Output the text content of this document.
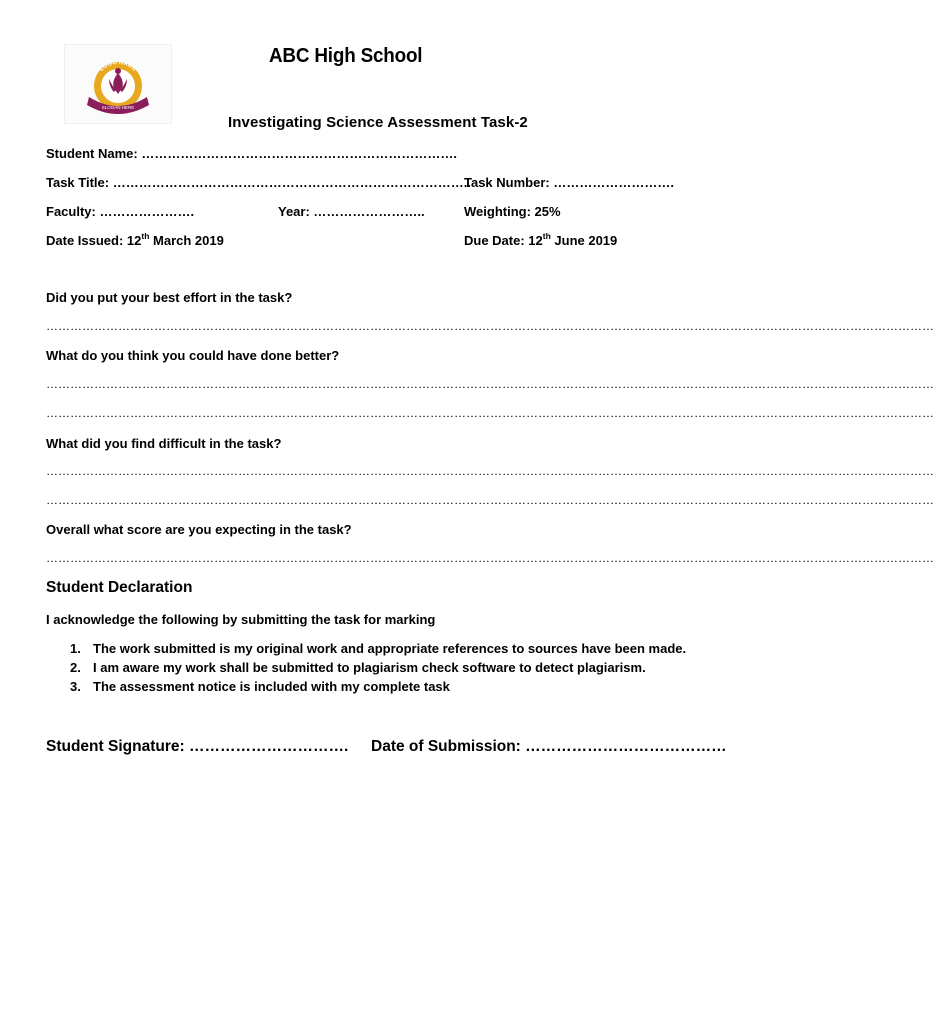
LOGO NAME
SLOGAN HERE
ABC High School
Investigating Science Assessment Task-2
Student Name: ……………………………………………………………….
Task Title: ………………………………………………………………………..
Task Number: ……………………….
Faculty: ………………….	Year: ……………………..	Weighting: 25%
Date Issued: 12th March 2019	Due Date: 12th June 2019
Did you put your best effort in the task?
……………………………………………………………………………………………………………………………………………………………………………………………………
What do you think you could have done better?
……………………………………………………………………………………………………………………………………………………………………………………………………
……………………………………………………………………………………………………………………………………………………………………………………………………
What did you find difficult in the task?
……………………………………………………………………………………………………………………………………………………………………………………………………
……………………………………………………………………………………………………………………………………………………………………………………………………
Overall what score are you expecting in the task?
……………………………………………………………………………………………………………………………………………………………………………………………………
Student Declaration
I acknowledge the following by submitting the task for marking
1. The work submitted is my original work and appropriate references to sources have been made.
2. I am aware my work shall be submitted to plagiarism check software to detect plagiarism.
3. The assessment notice is included with my complete task
Student Signature: …………………………. Date of Submission: …………………………………
